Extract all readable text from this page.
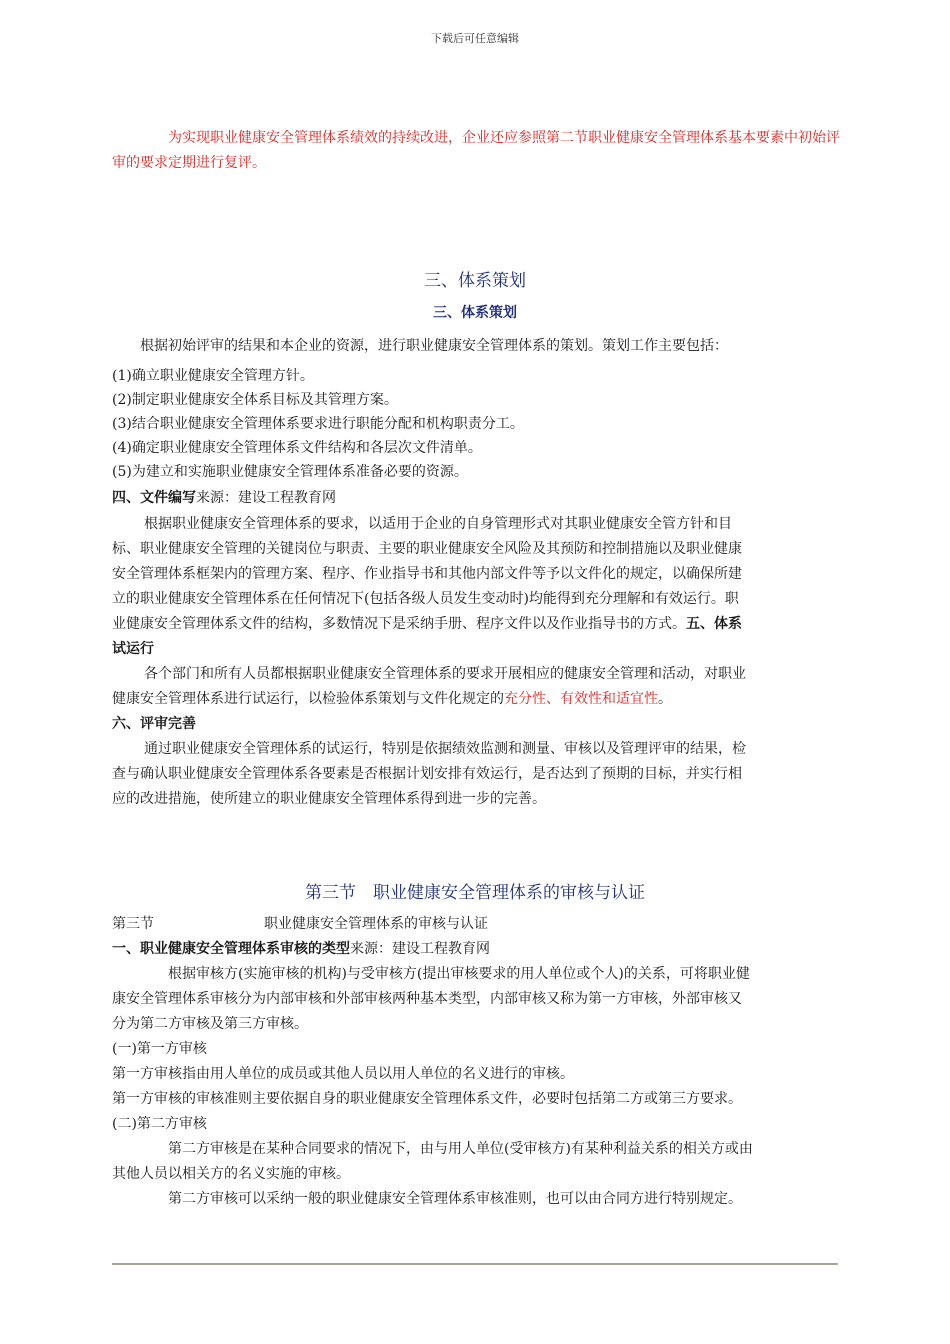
下载后可任意编辑
为实现职业健康安全管理体系绩效的持续改进，企业还应参照第二节职业健康安全管理体系基本要素中初始评审的要求定期进行复评。
三、体系策划
三、体系策划
根据初始评审的结果和本企业的资源，进行职业健康安全管理体系的策划。策划工作主要包括：
(1)确立职业健康安全管理方针。
(2)制定职业健康安全体系目标及其管理方案。
(3)结合职业健康安全管理体系要求进行职能分配和机构职责分工。
(4)确定职业健康安全管理体系文件结构和各层次文件清单。
(5)为建立和实施职业健康安全管理体系准备必要的资源。
四、文件编写来源：建设工程教育网
根据职业健康安全管理体系的要求，以适用于企业的自身管理形式对其职业健康安全管方针和目
标、职业健康安全管理的关键岗位与职责、主要的职业健康安全风险及其预防和控制措施以及职业健康
安全管理体系框架内的管理方案、程序、作业指导书和其他内部文件等予以文件化的规定，以确保所建
立的职业健康安全管理体系在任何情况下(包括各级人员发生变动时)均能得到充分理解和有效运行。职
业健康安全管理体系文件的结构，多数情况下是采纳手册、程序文件以及作业指导书的方式。五、体系
试运行
各个部门和所有人员都根据职业健康安全管理体系的要求开展相应的健康安全管理和活动，对职业
健康安全管理体系进行试运行，以检验体系策划与文件化规定的充分性、有效性和适宜性。
六、评审完善
通过职业健康安全管理体系的试运行，特别是依据绩效监测和测量、审核以及管理评审的结果，检
查与确认职业健康安全管理体系各要素是否根据计划安排有效运行，是否达到了预期的目标，并实行相
应的改进措施，使所建立的职业健康安全管理体系得到进一步的完善。
第三节　职业健康安全管理体系的审核与认证
第三节	职业健康安全管理体系的审核与认证
一、职业健康安全管理体系审核的类型来源：建设工程教育网
根据审核方(实施审核的机构)与受审核方(提出审核要求的用人单位或个人)的关系，可将职业健
康安全管理体系审核分为内部审核和外部审核两种基本类型，内部审核又称为第一方审核，外部审核又
分为第二方审核及第三方审核。
(一)第一方审核
第一方审核指由用人单位的成员或其他人员以用人单位的名义进行的审核。
第一方审核的审核准则主要依据自身的职业健康安全管理体系文件，必要时包括第二方或第三方要求。
(二)第二方审核
第二方审核是在某种合同要求的情况下，由与用人单位(受审核方)有某种利益关系的相关方或由
其他人员以相关方的名义实施的审核。
第二方审核可以采纳一般的职业健康安全管理体系审核准则，也可以由合同方进行特别规定。
